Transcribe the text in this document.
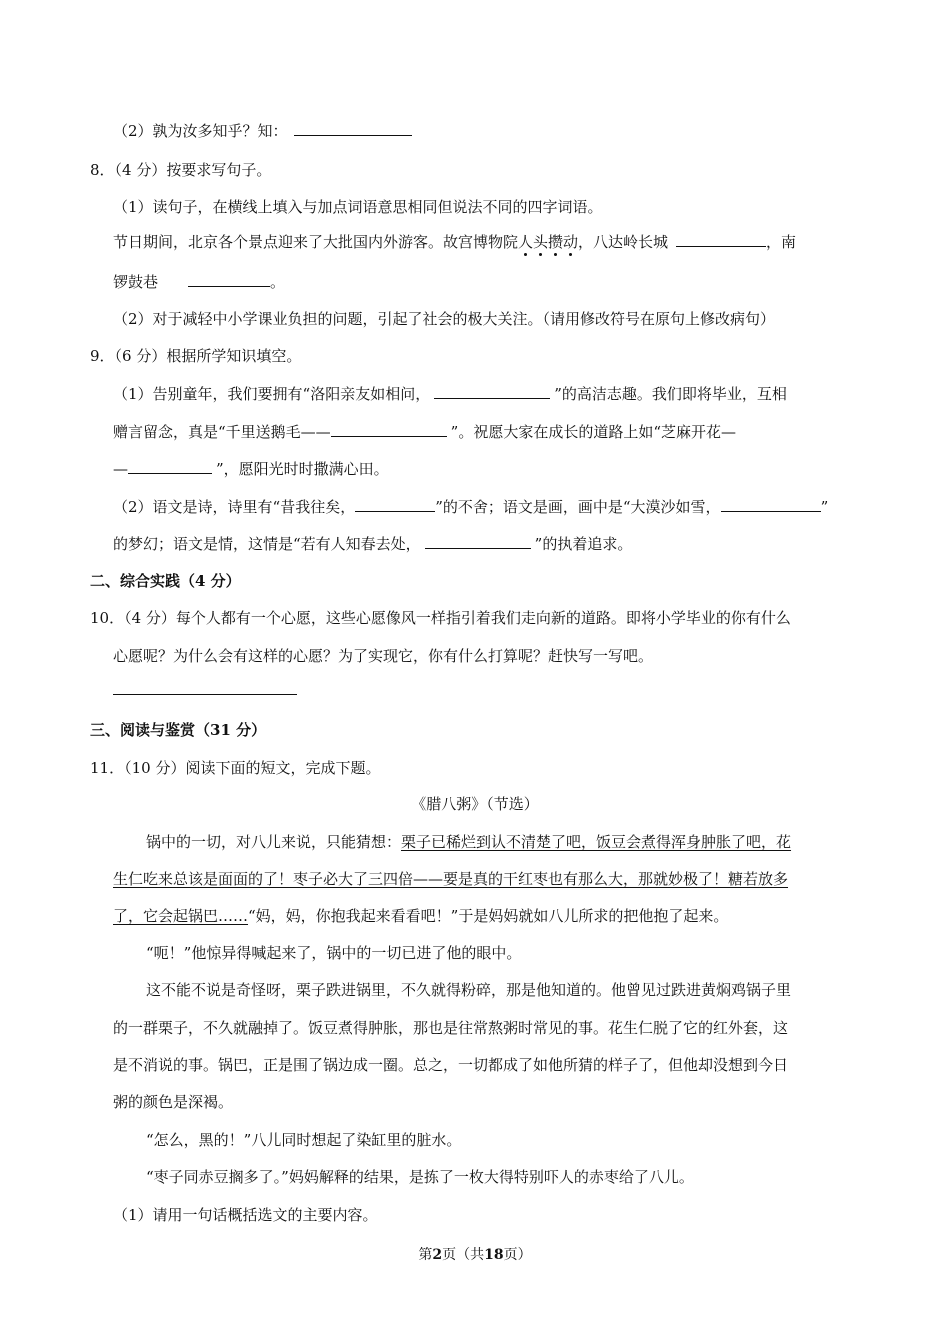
（2）孰为汝多知乎？知：
8．（4 分）按要求写句子。
（1）读句子，在横线上填入与加点词语意思相同但说法不同的四字词语。
节日期间，北京各个景点迎来了大批国内外游客。故宫博物院人头攒动
，八达岭长城	，南
锣鼓巷	。
（2）对于减轻中小学课业负担的问题，引起了社会的极大关注。（请用修改符号在原句上修改病句）
9．（6 分）根据所学知识填空。
（1）告别童年，我们要拥有“洛阳亲友如相问，	”的高洁志趣。我们即将毕业，互相
赠言留念，真是“千里送鹅毛——	”。祝愿大家在成长的道路上如“芝麻开花—
—	”，愿阳光时时撒满心田。
（2）语文是诗，诗里有“昔我往矣，	”的不舍；语文是画，画中是“大漠沙如雪，	”
的梦幻；语文是情，这情是“若有人知春去处，	”的执着追求。
二、综合实践（4 分）
10．（4 分）每个人都有一个心愿，这些心愿像风一样指引着我们走向新的道路。即将小学毕业的你有什么
心愿呢？为什么会有这样的心愿？为了实现它，你有什么打算呢？赶快写一写吧。
三、阅读与鉴赏（31 分）
11．（10 分）阅读下面的短文，完成下题。
《腊八粥》（节选）
锅中的一切，对八儿来说，只能猜想：栗子已稀烂到认不清楚了吧，饭豆会煮得浑身肿胀了吧，花
生仁吃来总该是面面的了！枣子必大了三四倍——要是真的干红枣也有那么大，那就妙极了！糖若放多
了，它会起锅巴……“妈，妈，你抱我起来看看吧！”于是妈妈就如八儿所求的把他抱了起来。
“呃！”他惊异得喊起来了，锅中的一切已进了他的眼中。
这不能不说是奇怪呀，栗子跌进锅里，不久就得粉碎，那是他知道的。他曾见过跌进黄焖鸡锅子里
的一群栗子，不久就融掉了。饭豆煮得肿胀，那也是往常熬粥时常见的事。花生仁脱了它的红外套，这
是不消说的事。锅巴，正是围了锅边成一圈。总之，一切都成了如他所猜的样子了，但他却没想到今日
粥的颜色是深褐。
“怎么，黑的！”八儿同时想起了染缸里的脏水。
“枣子同赤豆搁多了。”妈妈解释的结果，是拣了一枚大得特别吓人的赤枣给了八儿。
（1）请用一句话概括选文的主要内容。
第2页（共18页）
